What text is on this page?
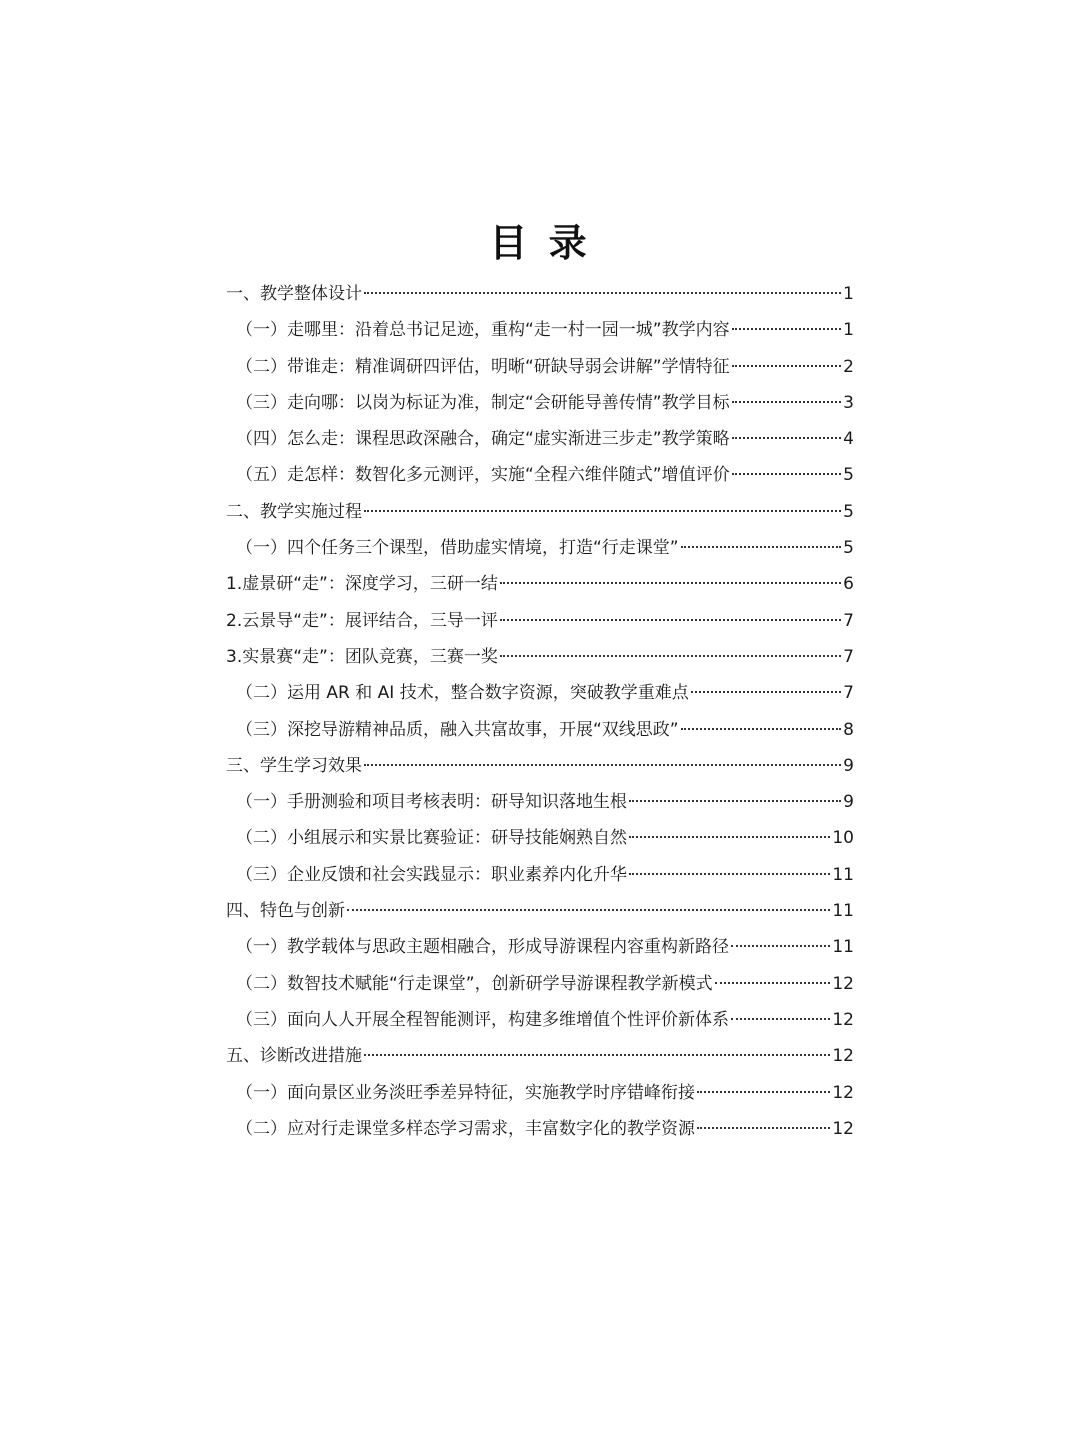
目 录
一、教学整体设计	1
（一）走哪里：沿着总书记足迹，重构“走一村一园一城”教学内容	1
（二）带谁走：精准调研四评估，明晰“研缺导弱会讲解”学情特征	2
（三）走向哪：以岗为标证为准，制定“会研能导善传情”教学目标	3
（四）怎么走：课程思政深融合，确定“虚实渐进三步走”教学策略	4
（五）走怎样：数智化多元测评，实施“全程六维伴随式”增值评价	5
二、教学实施过程	5
（一）四个任务三个课型，借助虚实情境，打造“行走课堂”	5
1.虚景研“走”：深度学习，三研一结	6
2.云景导“走”：展评结合，三导一评	7
3.实景赛“走”：团队竞赛，三赛一奖	7
（二）运用 AR 和 AI 技术，整合数字资源，突破教学重难点	7
（三）深挖导游精神品质，融入共富故事，开展“双线思政”	8
三、学生学习效果	9
（一）手册测验和项目考核表明：研导知识落地生根	9
（二）小组展示和实景比赛验证：研导技能娴熟自然	10
（三）企业反馈和社会实践显示：职业素养内化升华	11
四、特色与创新	11
（一）教学载体与思政主题相融合，形成导游课程内容重构新路径	11
（二）数智技术赋能“行走课堂”，创新研学导游课程教学新模式	12
（三）面向人人开展全程智能测评，构建多维增值个性评价新体系	12
五、诊断改进措施	12
（一）面向景区业务淡旺季差异特征，实施教学时序错峰衔接	12
（二）应对行走课堂多样态学习需求，丰富数字化的教学资源	12
